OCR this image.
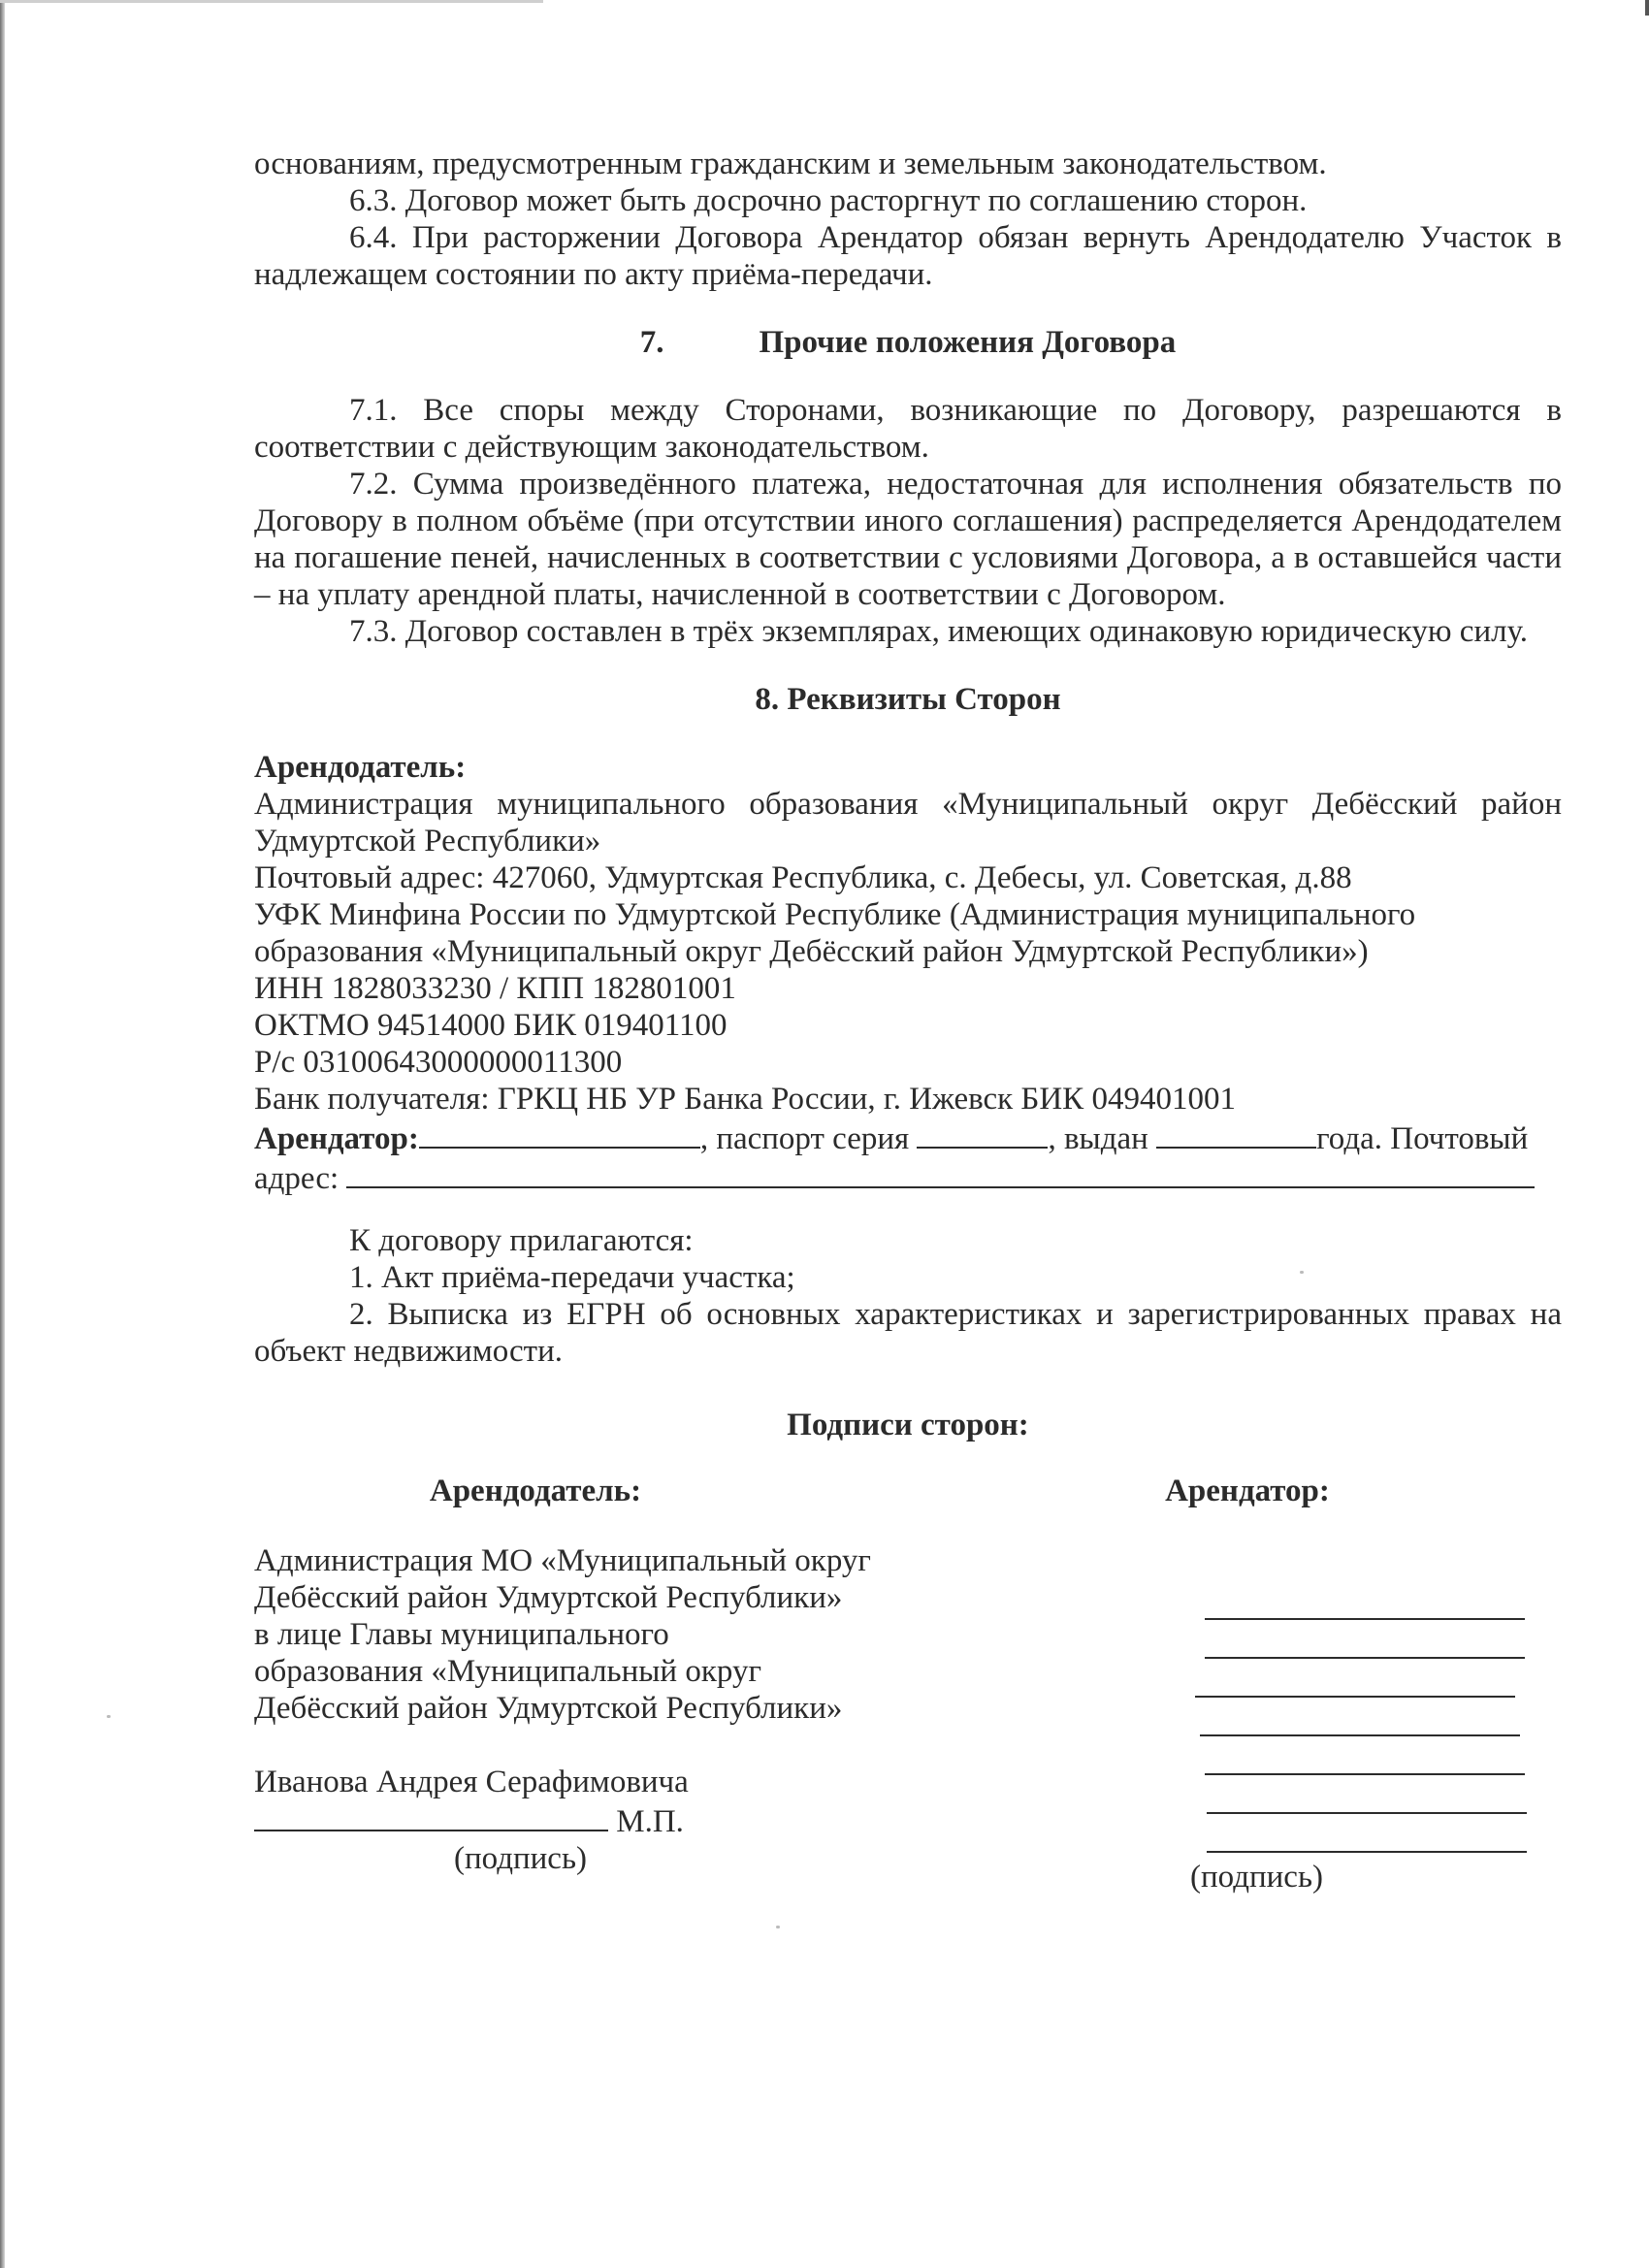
основаниям, предусмотренным гражданским и земельным законодательством.

6.3. Договор может быть досрочно расторгнут по соглашению сторон.

6.4. При расторжении Договора Арендатор обязан вернуть Арендодателю Участок в надлежащем состоянии по акту приёма-передачи.

7.	Прочие положения Договора

7.1. Все споры между Сторонами, возникающие по Договору, разрешаются в соответствии с действующим законодательством.

7.2. Сумма произведённого платежа, недостаточная для исполнения обязательств по Договору в полном объёме (при отсутствии иного соглашения) распределяется Арендодателем на погашение пеней, начисленных в соответствии с условиями Договора, а в оставшейся части – на уплату арендной платы, начисленной в соответствии с Договором.

7.3. Договор составлен в трёх экземплярах, имеющих одинаковую юридическую силу.

8. Реквизиты Сторон
Арендодатель:

Администрация муниципального образования «Муниципальный округ Дебёсский район Удмуртской Республики»

Почтовый адрес: 427060, Удмуртская Республика, с. Дебесы, ул. Советская, д.88
УФК Минфина России по Удмуртской Республике (Администрация муниципального
образования «Муниципальный округ Дебёсский район Удмуртской Республики»)
ИНН 1828033230 / КПП 182801001
ОКТМО 94514000 БИК 019401100
Р/с 03100643000000011300
Банк получателя: ГРКЦ НБ УР Банка России, г. Ижевск БИК 049401001
Арендатор:	, паспорт серия	, выдан	года. Почтовый
адрес:

К договору прилагаются:

1. Акт приёма-передачи участка;

2. Выписка из ЕГРН об основных характеристиках и зарегистрированных правах на объект недвижимости.

Подписи сторон:
Арендодатель:
Администрация МО «Муниципальный округ
Дебёсский район Удмуртской Республики»
в лице Главы муниципального
образования «Муниципальный округ
Дебёсский район Удмуртской Республики»
Иванова Андрея Серафимовича
М.П.
(подпись)
Арендатор:
(подпись)
